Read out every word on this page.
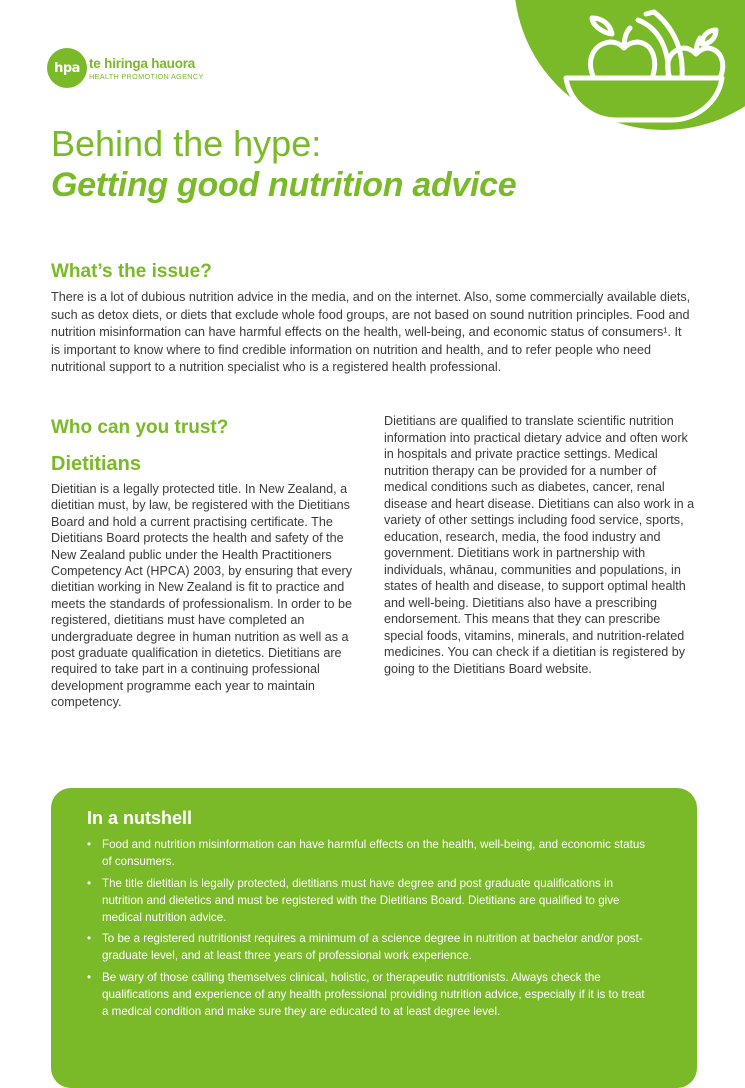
hpa te hiringa hauora
HEALTH PROMOTION AGENCY
Behind the hype:
Getting good nutrition advice
What’s the issue?

There is a lot of dubious nutrition advice in the media, and on the internet. Also, some commercially available diets, such as detox diets, or diets that exclude whole food groups, are not based on sound nutrition principles. Food and nutrition misinformation can have harmful effects on the health, well-being, and economic status of consumers¹. It is important to know where to find credible information on nutrition and health, and to refer people who need nutritional support to a nutrition specialist who is a registered health professional.

Who can you trust?
Dietitians

Dietitian is a legally protected title. In New Zealand, a dietitian must, by law, be registered with the Dietitians Board and hold a current practising certificate. The Dietitians Board protects the health and safety of the New Zealand public under the Health Practitioners Competency Act (HPCA) 2003, by ensuring that every dietitian working in New Zealand is fit to practice and meets the standards of professionalism. In order to be registered, dietitians must have completed an undergraduate degree in human nutrition as well as a post graduate qualification in dietetics. Dietitians are required to take part in a continuing professional development programme each year to maintain competency.

Dietitians are qualified to translate scientific nutrition information into practical dietary advice and often work in hospitals and private practice settings. Medical nutrition therapy can be provided for a number of medical conditions such as diabetes, cancer, renal disease and heart disease. Dietitians can also work in a variety of other settings including food service, sports, education, research, media, the food industry and government. Dietitians work in partnership with individuals, whānau, communities and populations, in states of health and disease, to support optimal health and well-being. Dietitians also have a prescribing endorsement. This means that they can prescribe special foods, vitamins, minerals, and nutrition-related medicines. You can check if a dietitian is registered by going to the Dietitians Board website.

In a nutshell
• Food and nutrition misinformation can have harmful effects on the health, well-being, and economic status of consumers.
• The title dietitian is legally protected, dietitians must have degree and post graduate qualifications in nutrition and dietetics and must be registered with the Dietitians Board. Dietitians are qualified to give medical nutrition advice.
• To be a registered nutritionist requires a minimum of a science degree in nutrition at bachelor and/or post-graduate level, and at least three years of professional work experience.
• Be wary of those calling themselves clinical, holistic, or therapeutic nutritionists. Always check the qualifications and experience of any health professional providing nutrition advice, especially if it is to treat a medical condition and make sure they are educated to at least degree level.
